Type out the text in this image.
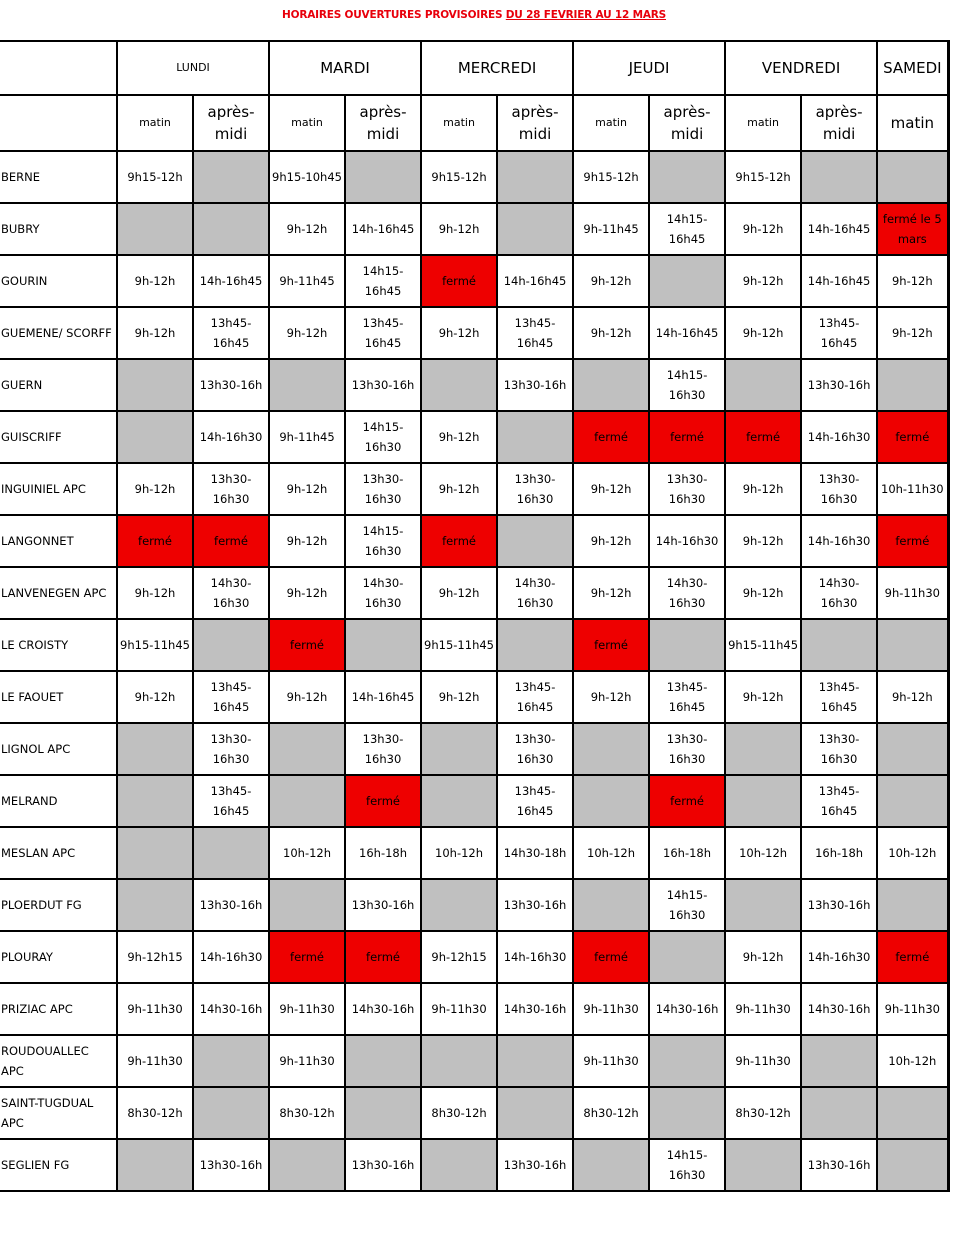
HORAIRES OUVERTURES PROVISOIRES DU 28 FEVRIER AU 12 MARS
	LUNDI		MARDI		MERCREDI		JEUDI		VENDREDI		SAMEDI
	matin	après-midi	matin	après-midi	matin	après-midi	matin	après-midi	matin	après-midi	matin
BERNE	9h15-12h		9h15-10h45		9h15-12h		9h15-12h		9h15-12h		
BUBRY			9h-12h	14h-16h45	9h-12h		9h-11h45	14h15-16h45	9h-12h	14h-16h45	fermé le 5 mars
GOURIN	9h-12h	14h-16h45	9h-11h45	14h15-16h45	fermé	14h-16h45	9h-12h		9h-12h	14h-16h45	9h-12h
GUEMENE/ SCORFF	9h-12h	13h45-16h45	9h-12h	13h45-16h45	9h-12h	13h45-16h45	9h-12h	14h-16h45	9h-12h	13h45-16h45	9h-12h
GUERN		13h30-16h		13h30-16h		13h30-16h		14h15-16h30		13h30-16h	
GUISCRIFF		14h-16h30	9h-11h45	14h15-16h30	9h-12h		fermé	fermé	fermé	14h-16h30	fermé
INGUINIEL APC	9h-12h	13h30-16h30	9h-12h	13h30-16h30	9h-12h	13h30-16h30	9h-12h	13h30-16h30	9h-12h	13h30-16h30	10h-11h30
LANGONNET	fermé	fermé	9h-12h	14h15-16h30	fermé		9h-12h	14h-16h30	9h-12h	14h-16h30	fermé
LANVENEGEN APC	9h-12h	14h30-16h30	9h-12h	14h30-16h30	9h-12h	14h30-16h30	9h-12h	14h30-16h30	9h-12h	14h30-16h30	9h-11h30
LE CROISTY	9h15-11h45		fermé		9h15-11h45		fermé		9h15-11h45		
LE FAOUET	9h-12h	13h45-16h45	9h-12h	14h-16h45	9h-12h	13h45-16h45	9h-12h	13h45-16h45	9h-12h	13h45-16h45	9h-12h
LIGNOL APC		13h30-16h30		13h30-16h30		13h30-16h30		13h30-16h30		13h30-16h30	
MELRAND		13h45-16h45		fermé		13h45-16h45		fermé		13h45-16h45	
MESLAN APC			10h-12h	16h-18h	10h-12h	14h30-18h	10h-12h	16h-18h	10h-12h	16h-18h	10h-12h
PLOERDUT FG		13h30-16h		13h30-16h		13h30-16h		14h15-16h30		13h30-16h	
PLOURAY	9h-12h15	14h-16h30	fermé	fermé	9h-12h15	14h-16h30	fermé		9h-12h	14h-16h30	fermé
PRIZIAC APC	9h-11h30	14h30-16h	9h-11h30	14h30-16h	9h-11h30	14h30-16h	9h-11h30	14h30-16h	9h-11h30	14h30-16h	9h-11h30
ROUDOUALLEC APC	9h-11h30		9h-11h30				9h-11h30		9h-11h30		10h-12h
SAINT-TUGDUAL APC	8h30-12h		8h30-12h		8h30-12h		8h30-12h		8h30-12h		
SEGLIEN FG		13h30-16h		13h30-16h		13h30-16h		14h15-16h30		13h30-16h	
